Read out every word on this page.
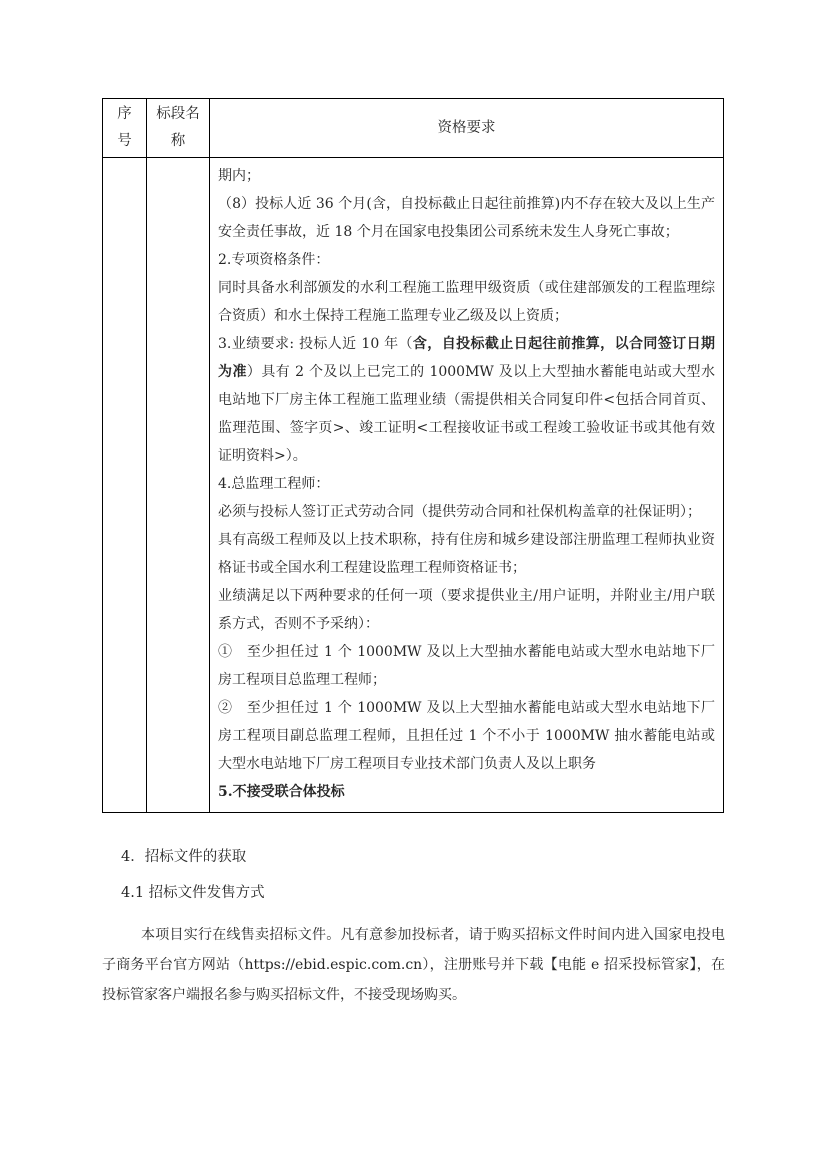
序号	标段名称	资格要求

期内；

（8）投标人近 36 个月(含，自投标截止日起往前推算)内不存在较大及以上生产安全责任事故，近 18 个月在国家电投集团公司系统未发生人身死亡事故；

2.专项资格条件：

同时具备水利部颁发的水利工程施工监理甲级资质（或住建部颁发的工程监理综合资质）和水土保持工程施工监理专业乙级及以上资质；

3.业绩要求: 投标人近 10 年（含，自投标截止日起往前推算，以合同签订日期为准）具有 2 个及以上已完工的 1000MW 及以上大型抽水蓄能电站或大型水电站地下厂房主体工程施工监理业绩（需提供相关合同复印件<包括合同首页、监理范围、签字页>、竣工证明<工程接收证书或工程竣工验收证书或其他有效证明资料>）。

4.总监理工程师：

必须与投标人签订正式劳动合同（提供劳动合同和社保机构盖章的社保证明）；

具有高级工程师及以上技术职称，持有住房和城乡建设部注册监理工程师执业资格证书或全国水利工程建设监理工程师资格证书；

业绩满足以下两种要求的任何一项（要求提供业主/用户证明，并附业主/用户联系方式，否则不予采纳）：

①　至少担任过 1 个 1000MW 及以上大型抽水蓄能电站或大型水电站地下厂房工程项目总监理工程师；

②　至少担任过 1 个 1000MW 及以上大型抽水蓄能电站或大型水电站地下厂房工程项目副总监理工程师，且担任过 1 个不小于 1000MW 抽水蓄能电站或大型水电站地下厂房工程项目专业技术部门负责人及以上职务

5.不接受联合体投标

4．招标文件的获取
4.1 招标文件发售方式

本项目实行在线售卖招标文件。凡有意参加投标者，请于购买招标文件时间内进入国家电投电子商务平台官方网站（https://ebid.espic.com.cn），注册账号并下载【电能 e 招采投标管家】，在投标管家客户端报名参与购买招标文件，不接受现场购买。
